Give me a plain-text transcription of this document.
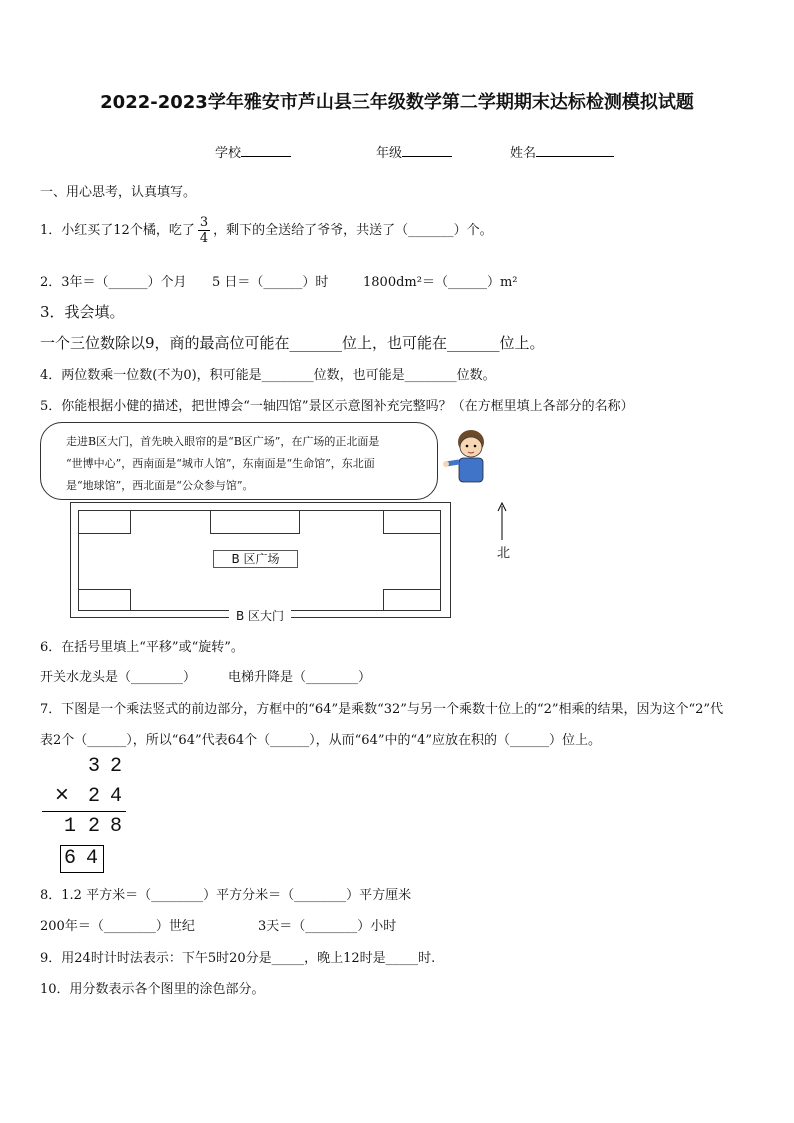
2022-2023学年雅安市芦山县三年级数学第二学期期末达标检测模拟试题
学校	年级	姓名
一、用心思考，认真填写。
1．小红买了12个橘，吃了 $\frac{3}{4}$ ，剩下的全送给了爷爷，共送了（_______）个。
2．3年＝（______）个月 5 日＝（______）时	1800dm²＝（______）m²
3．我会填。
一个三位数除以9，商的最高位可能在_______位上，也可能在_______位上。
4．两位数乘一位数(不为0)，积可能是________位数，也可能是________位数。
5．你能根据小健的描述，把世博会“一轴四馆”景区示意图补充完整吗？（在方框里填上各部分的名称）
走进B区大门，首先映入眼帘的是“B区广场”，在广场的正北面是
“世博中心”，西南面是“城市人馆”，东南面是“生命馆”，东北面
是“地球馆”，西北面是“公众参与馆”。
B 区广场
B 区大门
北
6．在括号里填上“平移”或“旋转”。
开关水龙头是（________） 电梯升降是（________）
7．下图是一个乘法竖式的前边部分，方框中的“64”是乘数“32”与另一个乘数十位上的“2”相乘的结果，因为这个“2”代
表2个（______），所以“64”代表64个（______），从而“64”中的“4”应放在积的（______）位上。
3 2
× 2 4
1 2 8
6 4
8．1.2 平方米＝（________）平方分米＝（________）平方厘米
200年＝（________）世纪	3天＝（________）小时
9．用24时计时法表示：下午5时20分是_____，晚上12时是_____时.
10．用分数表示各个图里的涂色部分。
